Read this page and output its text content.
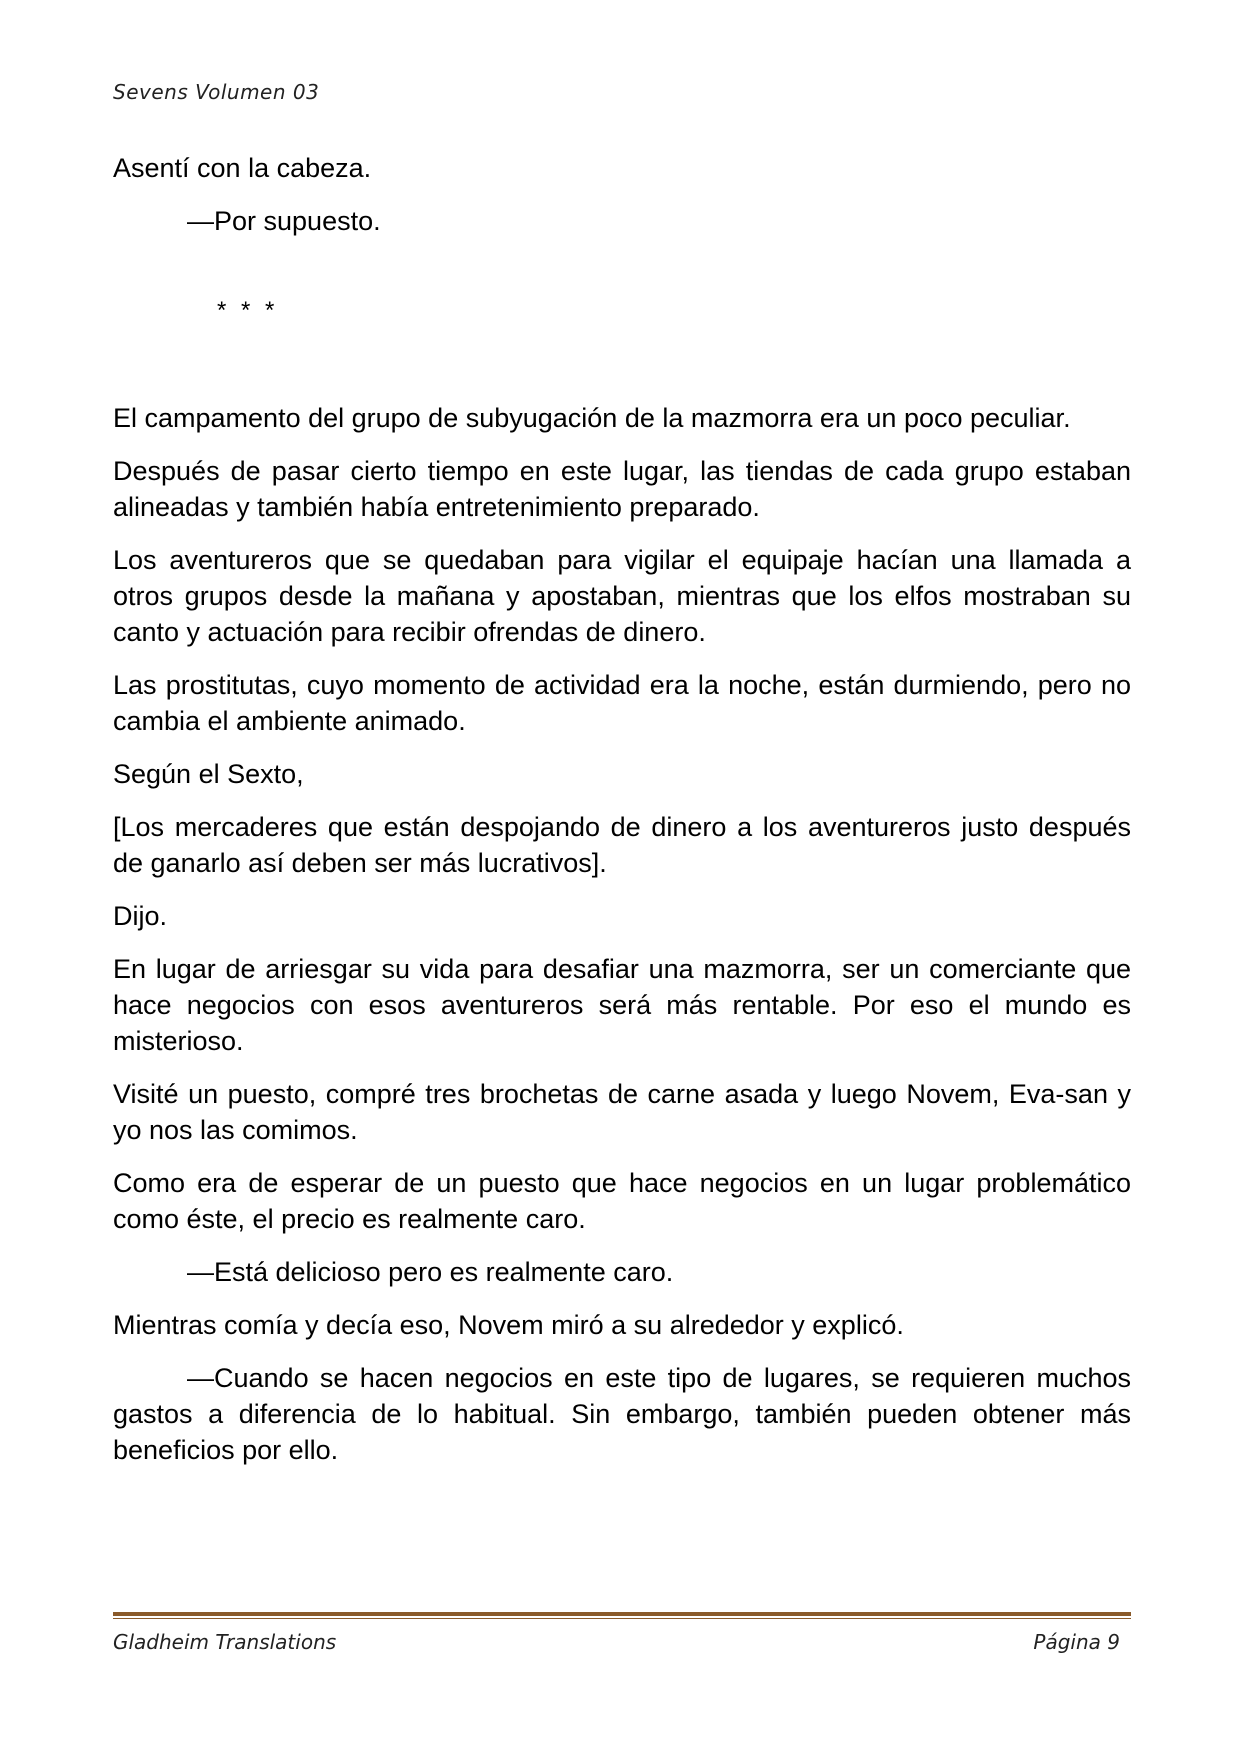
Sevens Volumen 03

Asentí con la cabeza.

—Por supuesto.

* * *

El campamento del grupo de subyugación de la mazmorra era un poco peculiar.

Después de pasar cierto tiempo en este lugar, las tiendas de cada grupo estaban alineadas y también había entretenimiento preparado.

Los aventureros que se quedaban para vigilar el equipaje hacían una llamada a otros grupos desde la mañana y apostaban, mientras que los elfos mostraban su canto y actuación para recibir ofrendas de dinero.

Las prostitutas, cuyo momento de actividad era la noche, están durmiendo, pero no cambia el ambiente animado.

Según el Sexto,

[Los mercaderes que están despojando de dinero a los aventureros justo después de ganarlo así deben ser más lucrativos].

Dijo.

En lugar de arriesgar su vida para desafiar una mazmorra, ser un comerciante que hace negocios con esos aventureros será más rentable. Por eso el mundo es misterioso.

Visité un puesto, compré tres brochetas de carne asada y luego Novem, Eva-san y yo nos las comimos.

Como era de esperar de un puesto que hace negocios en un lugar problemático como éste, el precio es realmente caro.

—Está delicioso pero es realmente caro.

Mientras comía y decía eso, Novem miró a su alrededor y explicó.

—Cuando se hacen negocios en este tipo de lugares, se requieren muchos gastos a diferencia de lo habitual. Sin embargo, también pueden obtener más beneficios por ello.

Gladheim Translations	Página 9
